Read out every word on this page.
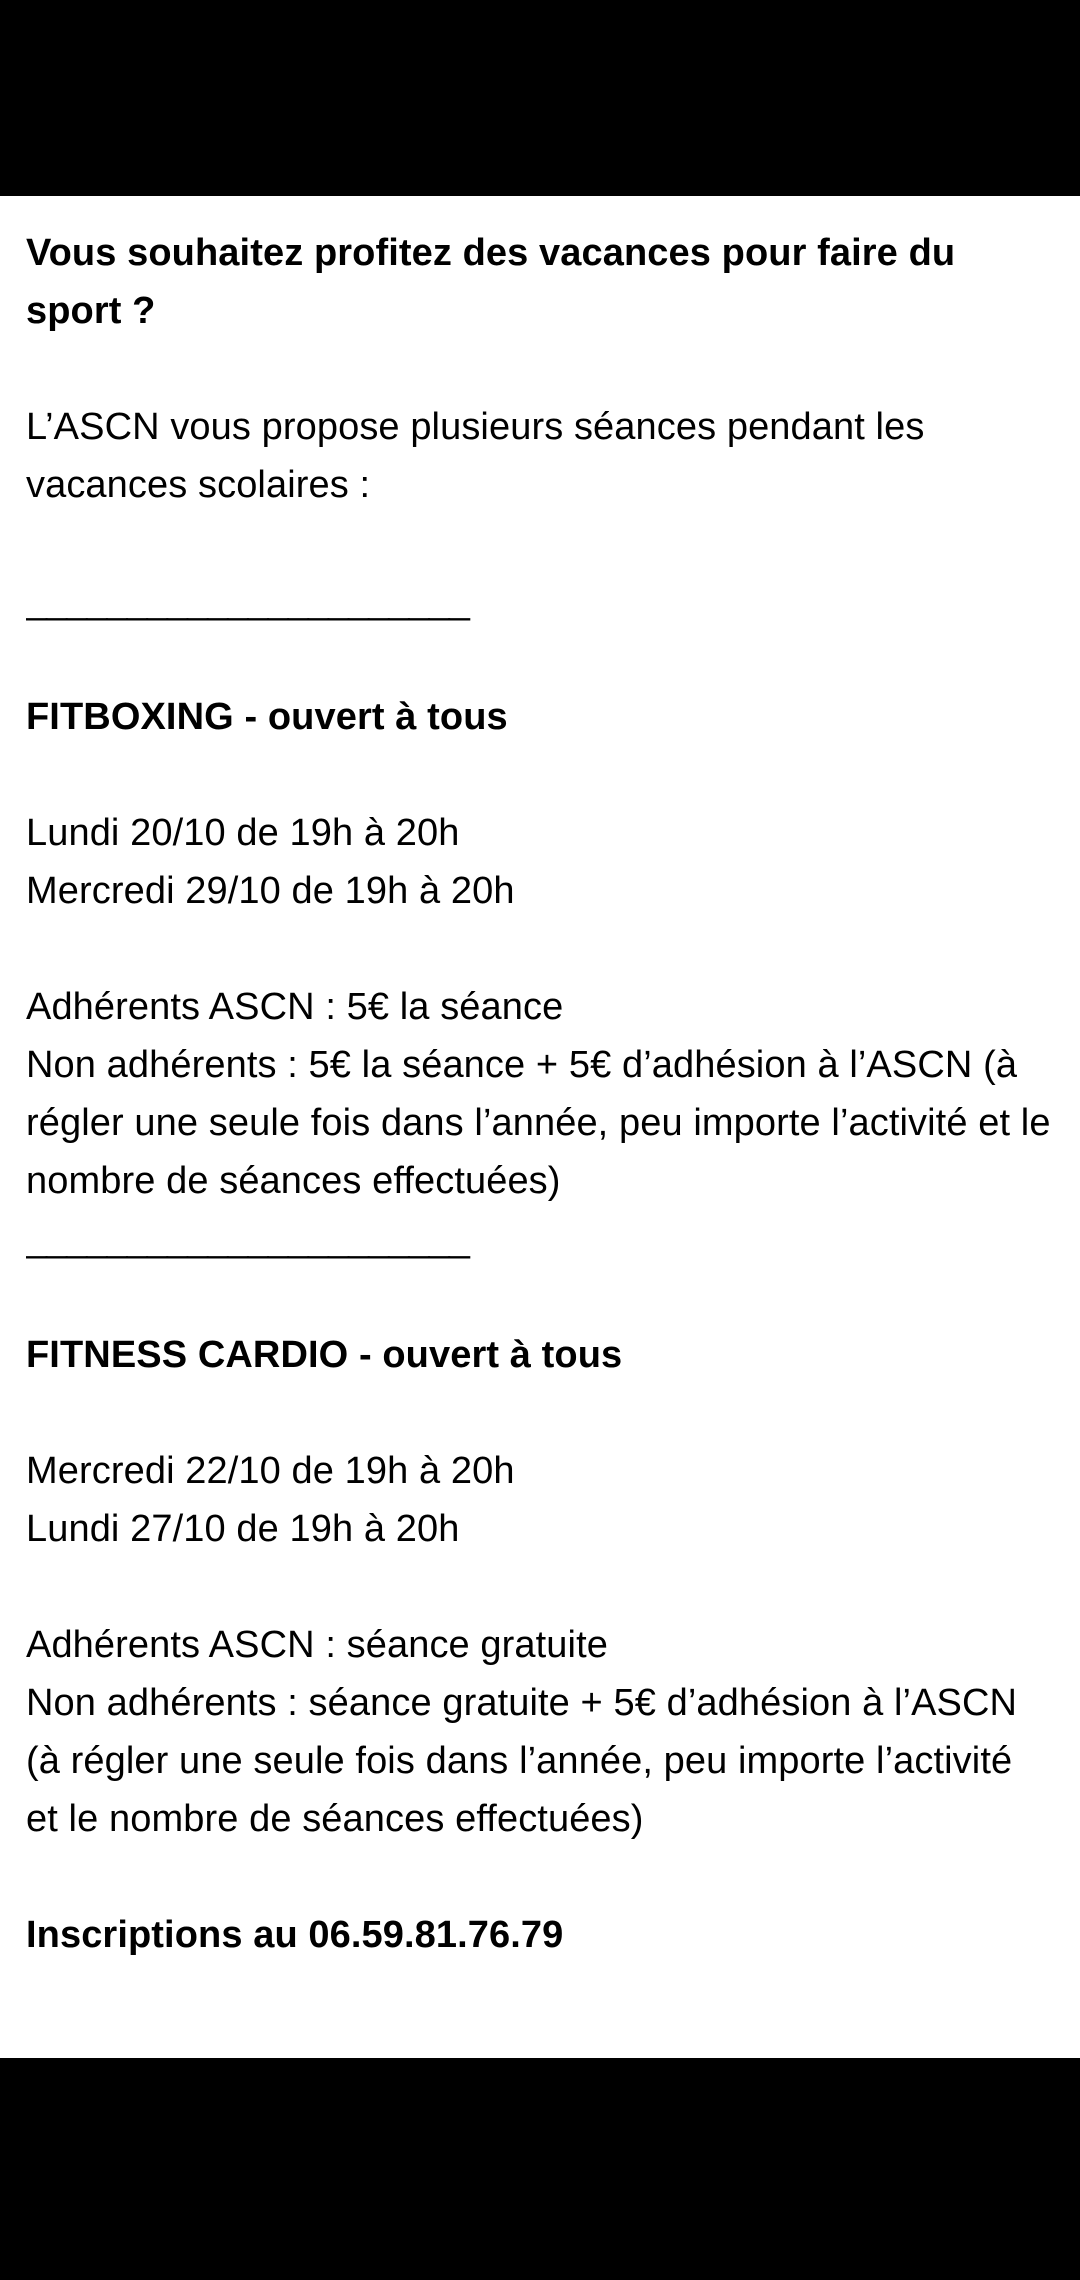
Vous souhaitez profitez des vacances pour faire du sport ?

L’ASCN vous propose plusieurs séances pendant les vacances scolaires :

______________________

FITBOXING - ouvert à tous

Lundi 20/10 de 19h à 20h

Mercredi 29/10 de 19h à 20h

Adhérents ASCN : 5€ la séance

Non adhérents : 5€ la séance + 5€ d’adhésion à l’ASCN (à régler une seule fois dans l’année, peu importe l’activité et le nombre de séances effectuées)

______________________

FITNESS CARDIO - ouvert à tous

Mercredi 22/10 de 19h à 20h

Lundi 27/10 de 19h à 20h

Adhérents ASCN : séance gratuite

Non adhérents : séance gratuite + 5€ d’adhésion à l’ASCN (à régler une seule fois dans l’année, peu importe l’activité et le nombre de séances effectuées)

Inscriptions au 06.59.81.76.79
